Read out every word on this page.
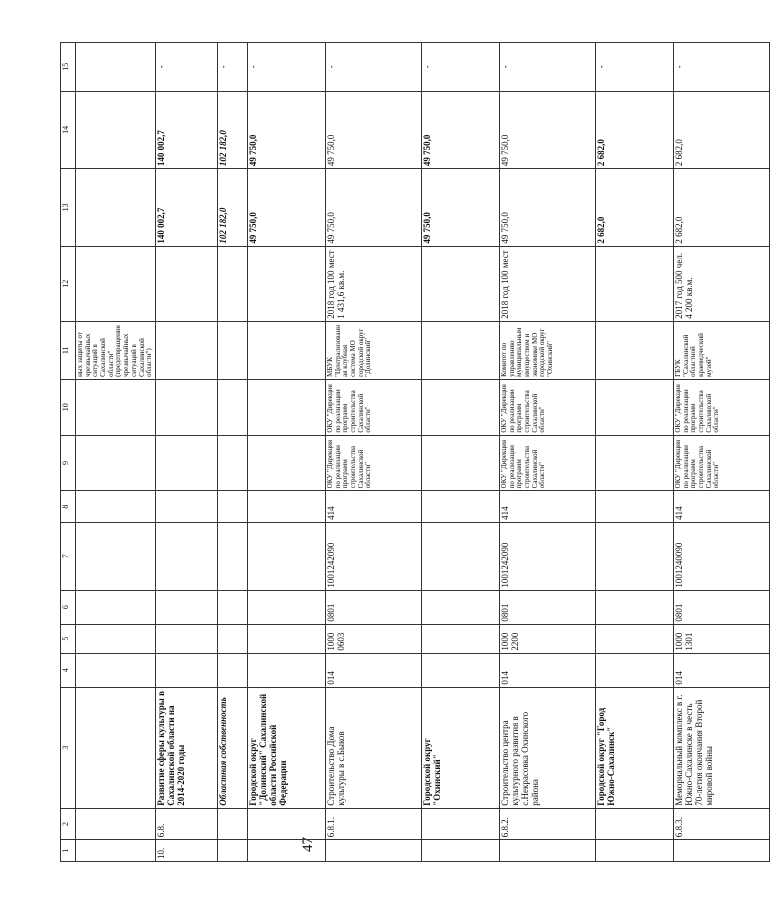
47
1	2	3	4	5	6	7	8	9	10	11	12	13	14	15
										ных защиты от чрезвычайных ситуаций в Сахалинской области" (предотвращения чрезвычайных ситуаций в Сахалинской области")				
10.	6.8.	Развитие сферы культуры в Сахалинской области на 2014-2020 годы										140 002,7	140 002,7	-
		Областная собственность										102 182,0	102 182,0	-
		Городской округ "Долинский" Сахалинской области Российской Федерации										49 750,0	49 750,0	-
	6.8.1.	Строительство Дома культуры в с.Быков	014	1000 0603	0801	1001242090	414	ОКУ "Дирекция по реализации программ строительства Сахалинской области"	ОКУ "Дирекция по реализации программ строительства Сахалинской области"	МБУК "Централизованная клубная система МО городской округ "Долинский"	2018 год 100 мест 1 431,6 кв.м.	49 750,0	49 750,0	-
		Городской округ "Охинский"										49 750,0	49 750,0	-
	6.8.2.	Строительство центра культурного развития в с.Некрасовка Охинского района	014	1000 2200	0801	1001242090	414	ОКУ "Дирекция по реализации программ строительства Сахалинской области"	ОКУ "Дирекция по реализации программ строительства Сахалинской области"	Комитет по управлению муниципальным имуществом и экономике МО городской округ "Охинский"	2018 год 100 мест	49 750,0	49 750,0	-
		Городской округ "Город Южно-Сахалинск"										2 682,0	2 682,0	-
	6.8.3.	Мемориальный комплекс в г. Южно-Сахалинске в честь 70-летия окончания Второй мировой войны	014	1000 1301	0801	1001240090	414	ОКУ "Дирекция по реализации программ строительства Сахалинской области"	ОКУ "Дирекция по реализации программ строительства Сахалинской области"	ГБУК "Сахалинский областной краеведческий музей"	2017 год 500 чел. 4 200 кв.м.	2 682,0	2 682,0	-
